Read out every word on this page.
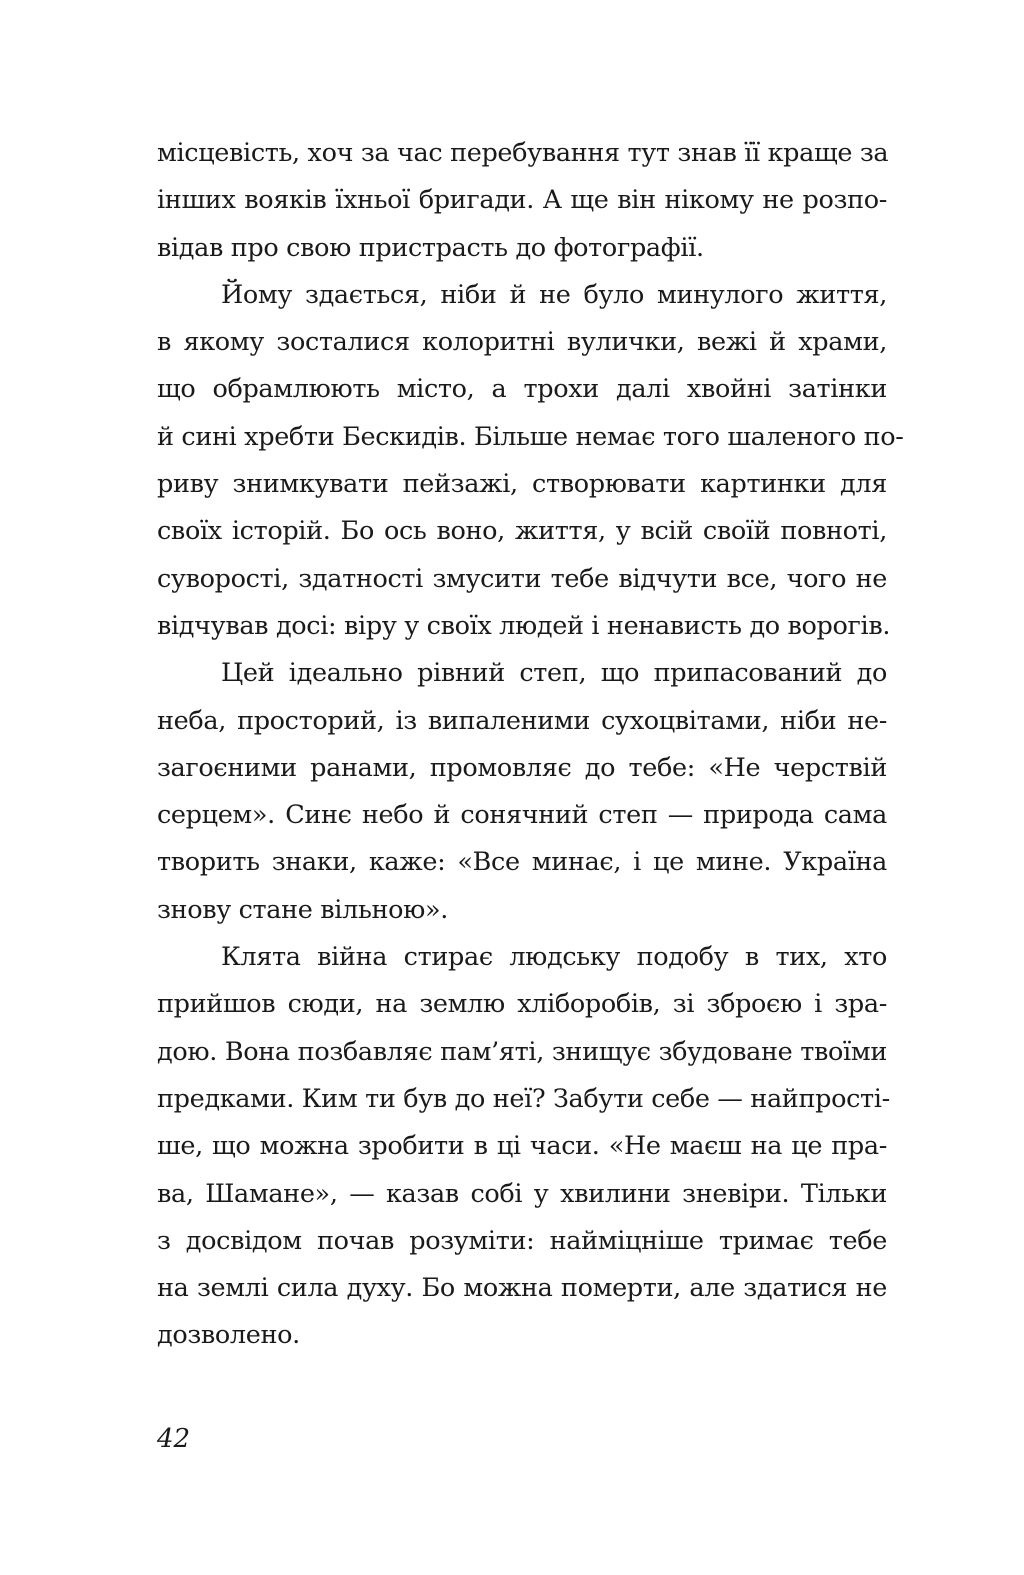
місцевість, хоч за час перебування тут знав її краще за
інших вояків їхньої бригади. А ще він нікому не розпо-
відав про свою пристрасть до фотографії.
Йому здається, ніби й не було минулого життя,
в якому зосталися колоритні вулички, вежі й храми,
що обрамлюють місто, а трохи далі хвойні затінки
й сині хребти Бескидів. Більше немає того шаленого по-
риву знимкувати пейзажі, створювати картинки для
своїх історій. Бо ось воно, життя, у всій своїй повноті,
суворості, здатності змусити тебе відчути все, чого не
відчував досі: віру у своїх людей і ненависть до ворогів.
Цей ідеально рівний степ, що припасований до
неба, просторий, із випаленими сухоцвітами, ніби не-
загоєними ранами, промовляє до тебе: «Не черствій
серцем». Синє небо й сонячний степ — природа сама
творить знаки, каже: «Все минає, і це мине. Україна
знову стане вільною».
Клята війна стирає людську подобу в тих, хто
прийшов сюди, на землю хліборобів, зі зброєю і зра-
дою. Вона позбавляє пам’яті, знищує збудоване твоїми
предками. Ким ти був до неї? Забути себе — найпрості-
ше, що можна зробити в ці часи. «Не маєш на це пра-
ва, Шамане», — казав собі у хвилини зневіри. Тільки
з досвідом почав розуміти: найміцніше тримає тебе
на землі сила духу. Бо можна померти, але здатися не
дозволено.
42
